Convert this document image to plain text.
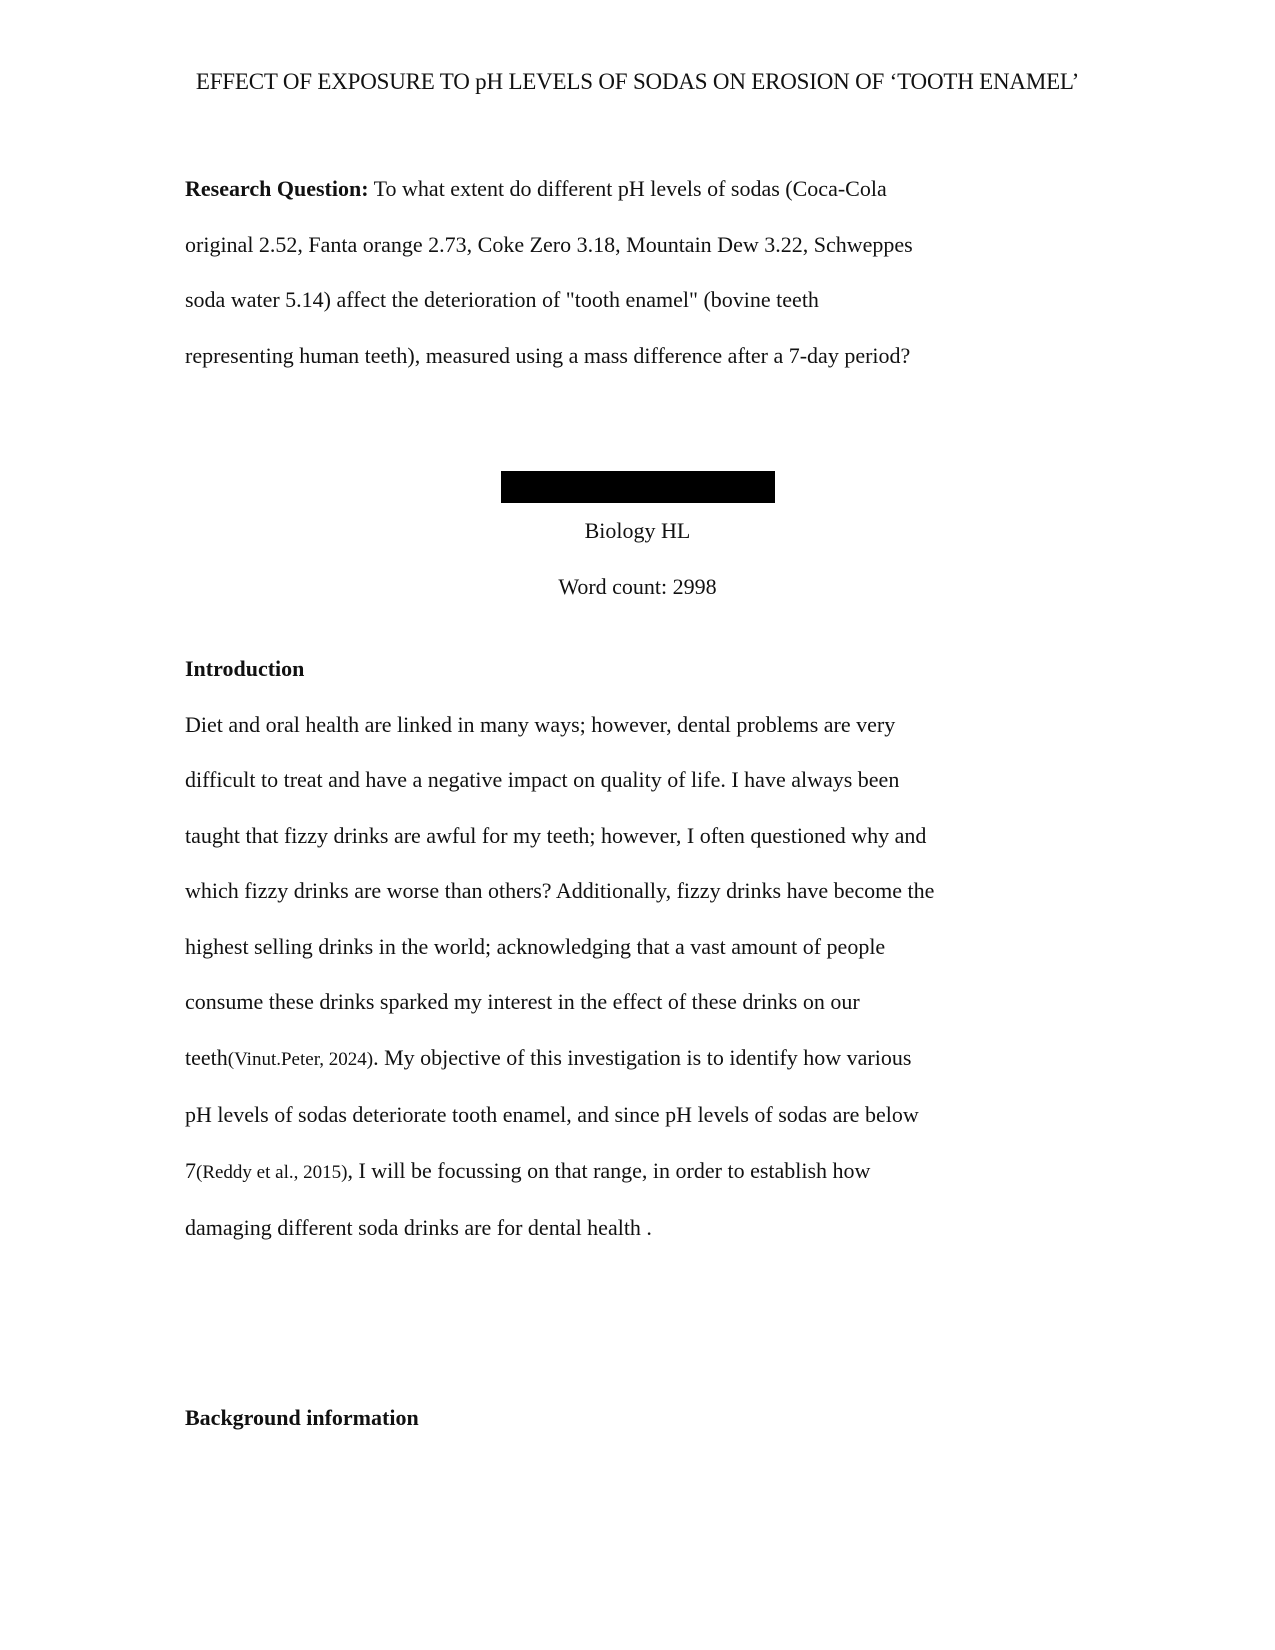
EFFECT OF EXPOSURE TO pH LEVELS OF SODAS ON EROSION OF ‘TOOTH ENAMEL’
Research Question: To what extent do different pH levels of sodas (Coca-Cola
original 2.52, Fanta orange 2.73, Coke Zero 3.18, Mountain Dew 3.22, Schweppes
soda water 5.14) affect the deterioration of "tooth enamel" (bovine teeth
representing human teeth), measured using a mass difference after a 7-day period?
Biology HL
Word count: 2998
Introduction
Diet and oral health are linked in many ways; however, dental problems are very
difficult to treat and have a negative impact on quality of life. I have always been
taught that fizzy drinks are awful for my teeth; however, I often questioned why and
which fizzy drinks are worse than others? Additionally, fizzy drinks have become the
highest selling drinks in the world; acknowledging that a vast amount of people
consume these drinks sparked my interest in the effect of these drinks on our
teeth(Vinut.Peter, 2024). My objective of this investigation is to identify how various
pH levels of sodas deteriorate tooth enamel, and since pH levels of sodas are below
7(Reddy et al., 2015), I will be focussing on that range, in order to establish how
damaging different soda drinks are for dental health .
Background information
